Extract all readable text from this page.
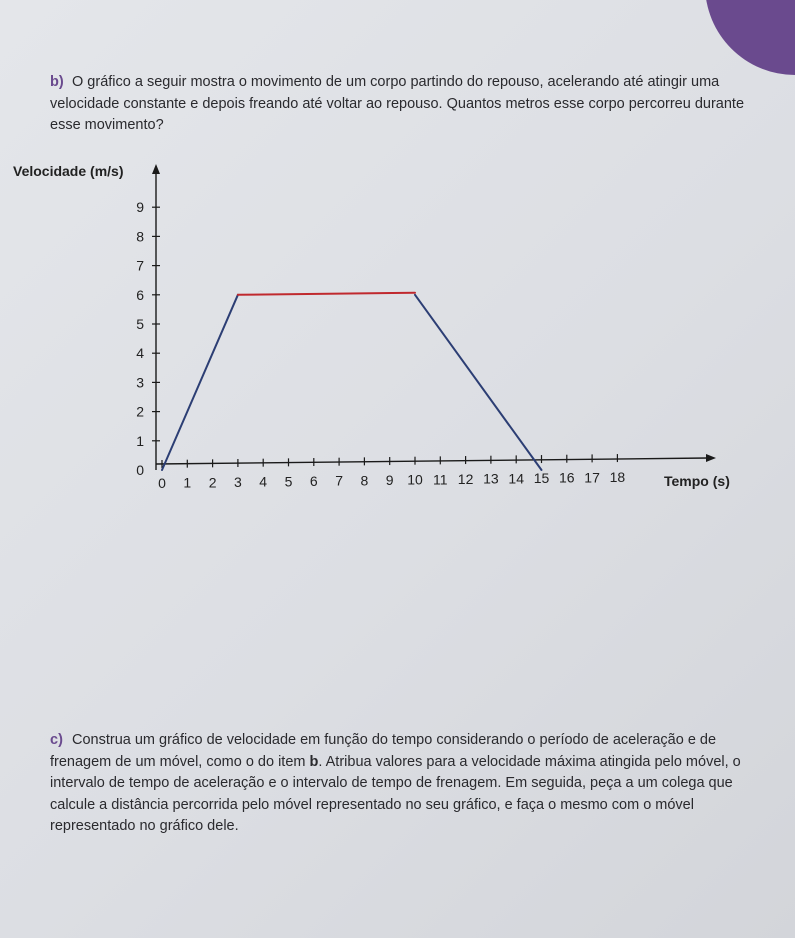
b) O gráfico a seguir mostra o movimento de um corpo partindo do repouso, acelerando até atingir uma velocidade constante e depois freando até voltar ao repouso. Quantos metros esse corpo percorreu durante esse movimento?
0
1
2
3
4
5
6
7
8
9
0 1 2 3 4 5 6 7 8 9 10 11 12 13 14 15 16 17 18
Velocidade (m/s)
Tempo (s)
c) Construa um gráfico de velocidade em função do tempo considerando o período de aceleração e de frenagem de um móvel, como o do item b. Atribua valores para a velocidade máxima atingida pelo móvel, o intervalo de tempo de aceleração e o intervalo de tempo de frenagem. Em seguida, peça a um colega que calcule a distância percorrida pelo móvel representado no seu gráfico, e faça o mesmo com o móvel representado no gráfico dele.
